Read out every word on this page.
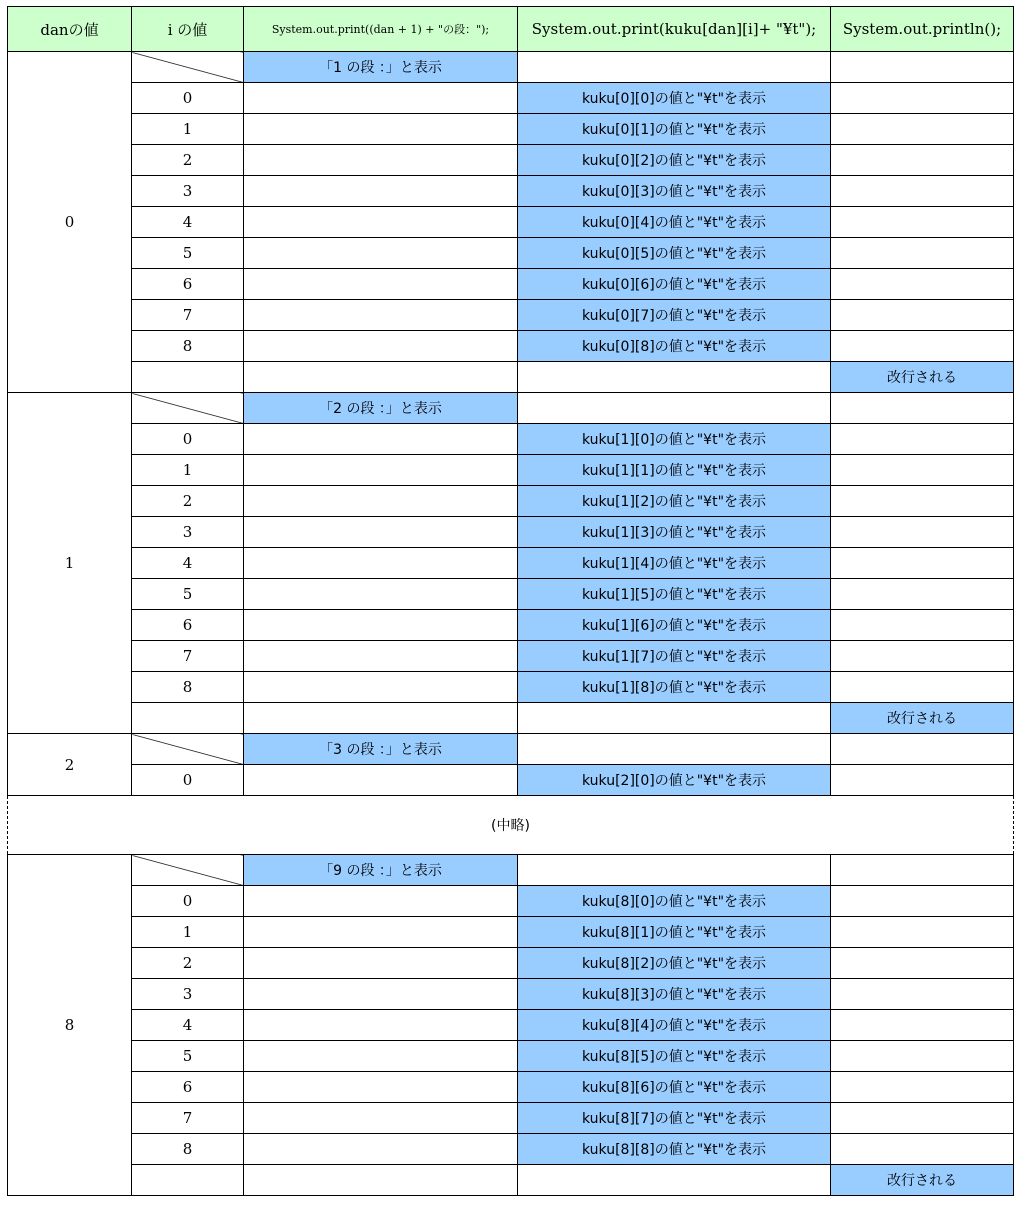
danの値	i の値	System.out.print((dan + 1) + "の段：");	System.out.print(kuku[dan][i]+ "¥t");	System.out.println();
0		「1 の段 ：」と表示		
	0		kuku[0][0]の値と"¥t"を表示	
	1		kuku[0][1]の値と"¥t"を表示	
	2		kuku[0][2]の値と"¥t"を表示	
	3		kuku[0][3]の値と"¥t"を表示	
	4		kuku[0][4]の値と"¥t"を表示	
	5		kuku[0][5]の値と"¥t"を表示	
	6		kuku[0][6]の値と"¥t"を表示	
	7		kuku[0][7]の値と"¥t"を表示	
	8		kuku[0][8]の値と"¥t"を表示	
				改行される
1		「2 の段 ：」と表示		
	0		kuku[1][0]の値と"¥t"を表示	
	1		kuku[1][1]の値と"¥t"を表示	
	2		kuku[1][2]の値と"¥t"を表示	
	3		kuku[1][3]の値と"¥t"を表示	
	4		kuku[1][4]の値と"¥t"を表示	
	5		kuku[1][5]の値と"¥t"を表示	
	6		kuku[1][6]の値と"¥t"を表示	
	7		kuku[1][7]の値と"¥t"を表示	
	8		kuku[1][8]の値と"¥t"を表示	
				改行される
2		「3 の段 ：」と表示		
	0		kuku[2][0]の値と"¥t"を表示	
(中略)				
8		「9 の段 ：」と表示		
	0		kuku[8][0]の値と"¥t"を表示	
	1		kuku[8][1]の値と"¥t"を表示	
	2		kuku[8][2]の値と"¥t"を表示	
	3		kuku[8][3]の値と"¥t"を表示	
	4		kuku[8][4]の値と"¥t"を表示	
	5		kuku[8][5]の値と"¥t"を表示	
	6		kuku[8][6]の値と"¥t"を表示	
	7		kuku[8][7]の値と"¥t"を表示	
	8		kuku[8][8]の値と"¥t"を表示	
				改行される
